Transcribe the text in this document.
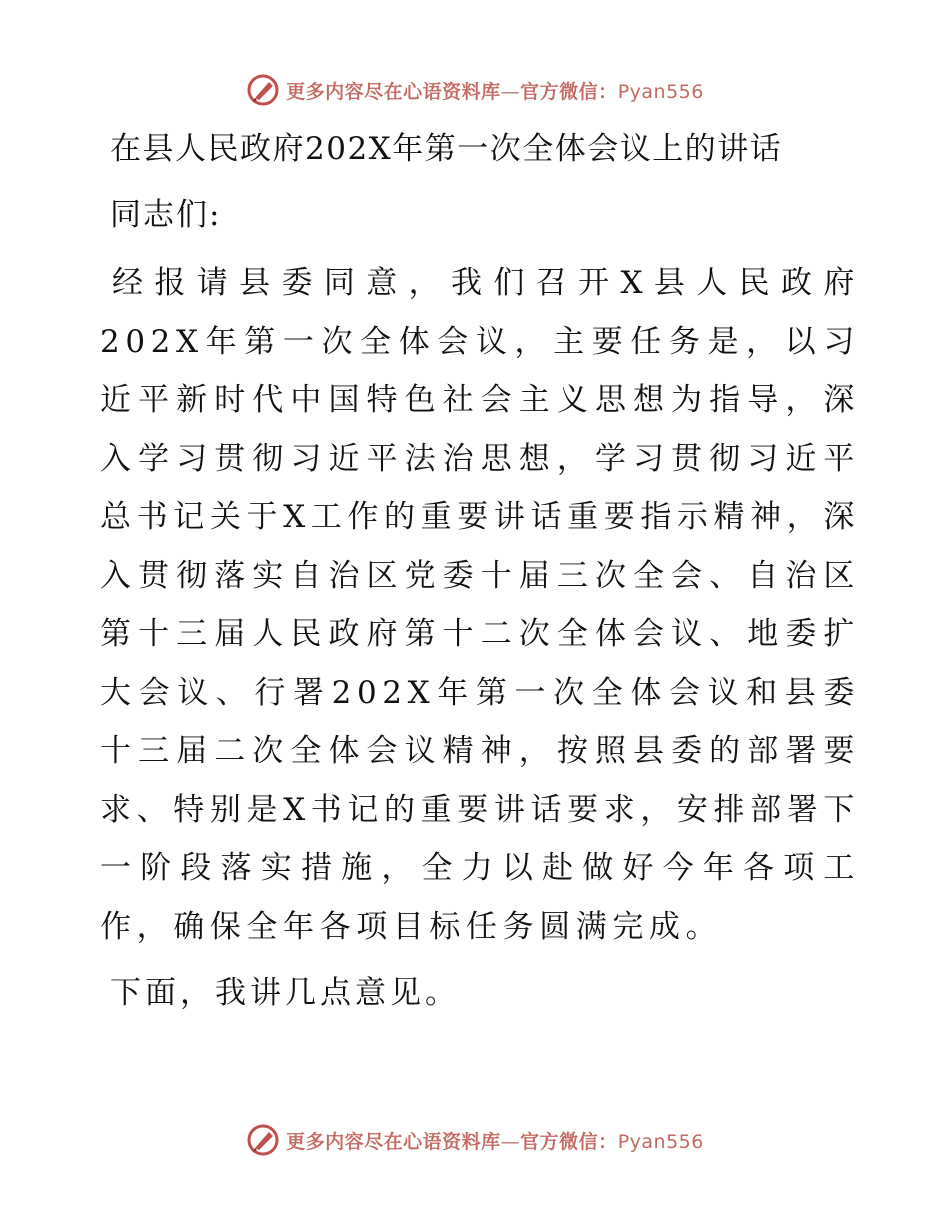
更多内容尽在心语资料库—官方微信：Pyan556
在县人民政府202X年第一次全体会议上的讲话
同志们:

经报请县委同意，我们召开X县人民政府202X年第一次全体会议，主要任务是，以习近平新时代中国特色社会主义思想为指导，深入学习贯彻习近平法治思想，学习贯彻习近平总书记关于X工作的重要讲话重要指示精神，深入贯彻落实自治区党委十届三次全会、自治区第十三届人民政府第十二次全体会议、地委扩大会议、行署202X年第一次全体会议和县委十三届二次全体会议精神，按照县委的部署要求、特别是X书记的重要讲话要求，安排部署下一阶段落实措施，全力以赴做好今年各项工作，确保全年各项目标任务圆满完成。

下面，我讲几点意见。
更多内容尽在心语资料库—官方微信：Pyan556
